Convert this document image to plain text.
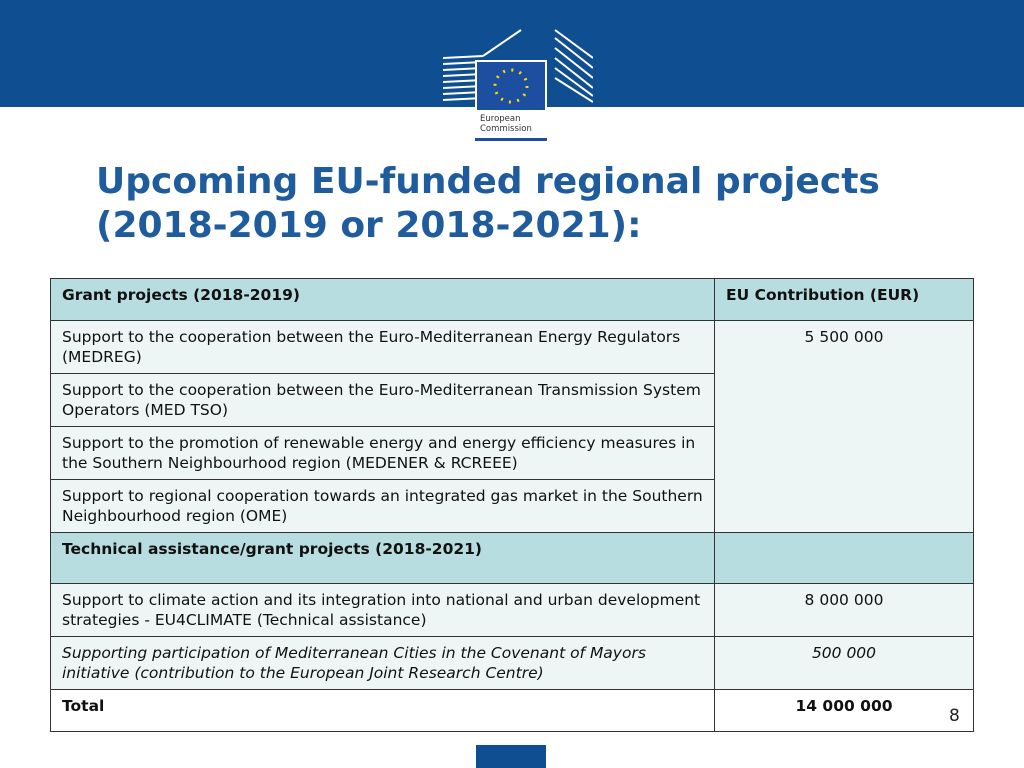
European
Commission
Upcoming EU-funded regional projects
(2018-2019 or 2018-2021):
Grant projects (2018-2019)	EU Contribution (EUR)
Support to the cooperation between the Euro-Mediterranean Energy Regulators (MEDREG)	5 500 000
Support to the cooperation between the Euro-Mediterranean Transmission System Operators (MED TSO)	
Support to the promotion of renewable energy and energy efficiency measures in the Southern Neighbourhood region (MEDENER & RCREEE)	
Support to regional cooperation towards an integrated gas market in the Southern Neighbourhood region (OME)	
Technical assistance/grant projects (2018-2021)	
Support to climate action and its integration into national and urban development strategies - EU4CLIMATE (Technical assistance)	8 000 000
Supporting participation of Mediterranean Cities in the Covenant of Mayors initiative (contribution to the European Joint Research Centre)	500 000
Total	14 000 000	8
